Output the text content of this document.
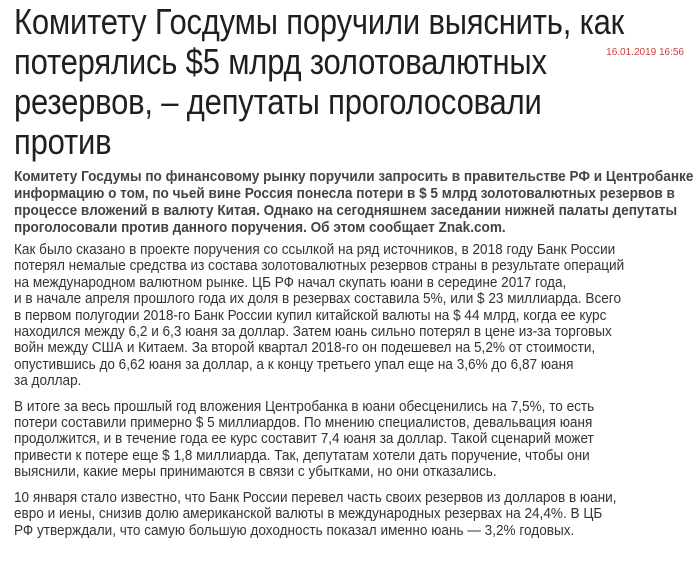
Комитету Госдумы поручили выяснить, как
потерялись $5 млрд золотовалютных
резервов, – депутаты проголосовали
против
16.01.2019 16:56
Комитету Госдумы по финансовому рынку поручили запросить в правительстве РФ и Центробанке
информацию о том, по чьей вине Россия понесла потери в $ 5 млрд золотовалютных резервов в
процессе вложений в валюту Китая. Однако на сегодняшнем заседании нижней палаты депутаты
проголосовали против данного поручения. Об этом сообщает Znak.com.

Как было сказано в проекте поручения со ссылкой на ряд источников, в 2018 году Банк России
потерял немалые средства из состава золотовалютных резервов страны в результате операций
на международном валютном рынке. ЦБ РФ начал скупать юани в середине 2017 года,
и в начале апреля прошлого года их доля в резервах составила 5%, или $ 23 миллиарда. Всего
в первом полугодии 2018-го Банк России купил китайской валюты на $ 44 млрд, когда ее курс
находился между 6,2 и 6,3 юаня за доллар. Затем юань сильно потерял в цене из-за торговых
войн между США и Китаем. За второй квартал 2018-го он подешевел на 5,2% от стоимости,
опустившись до 6,62 юаня за доллар, а к концу третьего упал еще на 3,6% до 6,87 юаня
за доллар.

В итоге за весь прошлый год вложения Центробанка в юани обесценились на 7,5%, то есть
потери составили примерно $ 5 миллиардов. По мнению специалистов, девальвация юаня
продолжится, и в течение года ее курс составит 7,4 юаня за доллар. Такой сценарий может
привести к потере еще $ 1,8 миллиарда. Так, депутатам хотели дать поручение, чтобы они
выяснили, какие меры принимаются в связи с убытками, но они отказались.

10 января стало известно, что Банк России перевел часть своих резервов из долларов в юани,
евро и иены, снизив долю американской валюты в международных резервах на 24,4%. В ЦБ
РФ утверждали, что самую большую доходность показал именно юань — 3,2% годовых.
